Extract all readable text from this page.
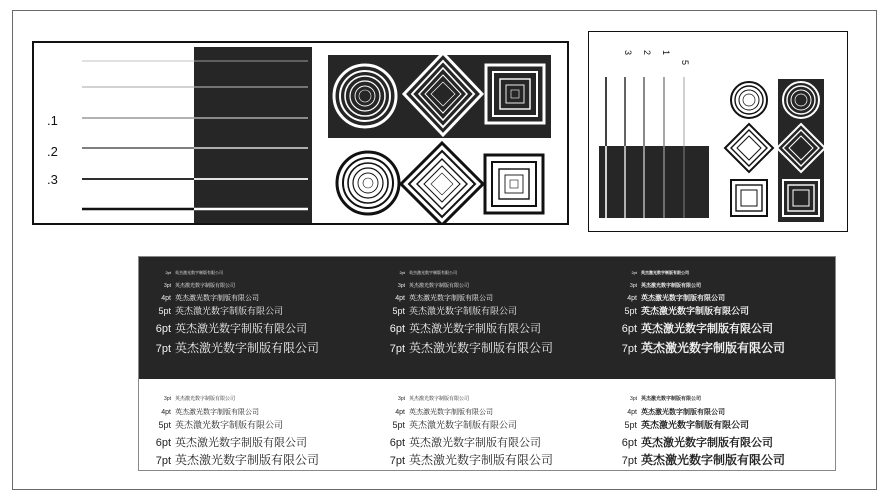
.1
.2
.3
3 2 1
5
2pt 英杰激光数字制版有限公司
3pt 英杰激光数字制版有限公司
4pt 英杰激光数字制版有限公司
5pt 英杰激光数字制版有限公司
6pt 英杰激光数字制版有限公司
7pt 英杰激光数字制版有限公司
2pt 英杰激光数字制版有限公司
3pt 英杰激光数字制版有限公司
4pt 英杰激光数字制版有限公司
5pt 英杰激光数字制版有限公司
6pt 英杰激光数字制版有限公司
7pt 英杰激光数字制版有限公司
2pt 英杰激光数字制版有限公司
3pt 英杰激光数字制版有限公司
4pt 英杰激光数字制版有限公司
5pt 英杰激光数字制版有限公司
6pt 英杰激光数字制版有限公司
7pt 英杰激光数字制版有限公司
3pt 英杰激光数字制版有限公司
4pt 英杰激光数字制版有限公司
5pt 英杰激光数字制版有限公司
6pt 英杰激光数字制版有限公司
7pt 英杰激光数字制版有限公司
3pt 英杰激光数字制版有限公司
4pt 英杰激光数字制版有限公司
5pt 英杰激光数字制版有限公司
6pt 英杰激光数字制版有限公司
7pt 英杰激光数字制版有限公司
3pt 英杰激光数字制版有限公司
4pt 英杰激光数字制版有限公司
5pt 英杰激光数字制版有限公司
6pt 英杰激光数字制版有限公司
7pt 英杰激光数字制版有限公司
